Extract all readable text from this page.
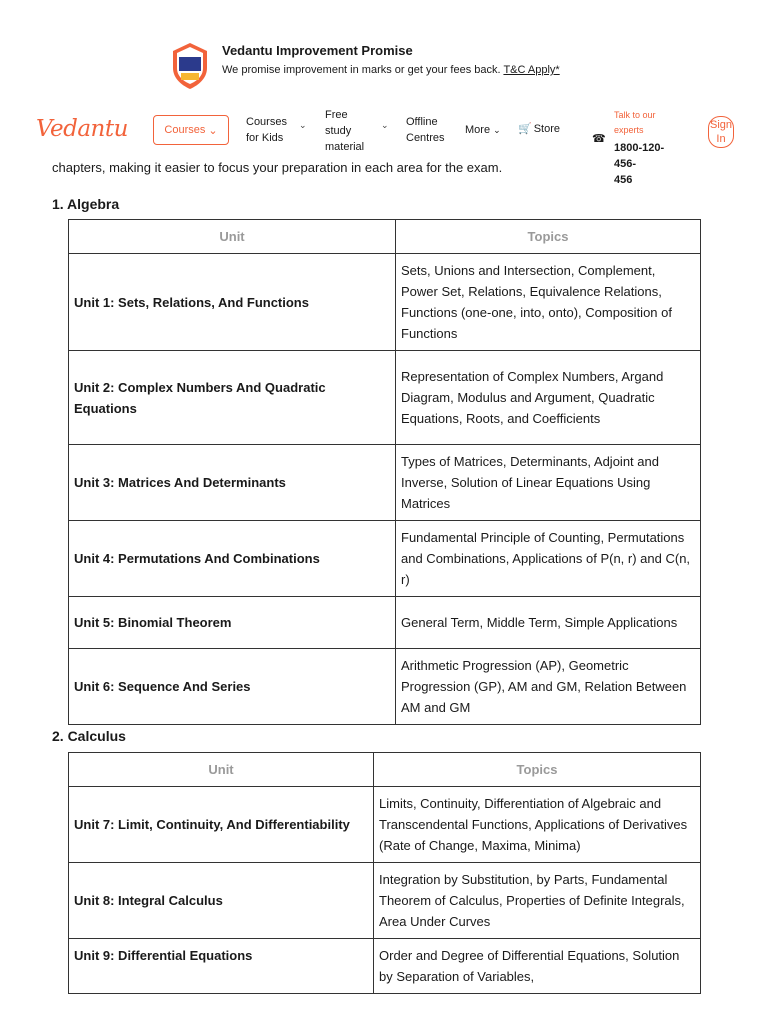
Vedantu Improvement Promise
We promise improvement in marks or get your fees back. T&C Apply*
Vedantu	Courses ⌄
Courses
for Kids
⌄
Free
study
material
⌄ Offline
Centres
More ⌄ 🛒 Store
☎
Talk to our
experts
1800-120-456-
456
Sign In
chapters, making it easier to focus your preparation in each area for the exam.
1. Algebra
Unit	Topics
Unit 1: Sets, Relations, And Functions	Sets, Unions and Intersection, Complement, Power Set, Relations, Equivalence Relations, Functions (one-one, into, onto), Composition of Functions
Unit 2: Complex Numbers And Quadratic Equations	Representation of Complex Numbers, Argand Diagram, Modulus and Argument, Quadratic Equations, Roots, and Coefficients
Unit 3: Matrices And Determinants	Types of Matrices, Determinants, Adjoint and Inverse, Solution of Linear Equations Using Matrices
Unit 4: Permutations And Combinations	Fundamental Principle of Counting, Permutations and Combinations, Applications of P(n, r) and C(n, r)
Unit 5: Binomial Theorem	General Term, Middle Term, Simple Applications
Unit 6: Sequence And Series	Arithmetic Progression (AP), Geometric Progression (GP), AM and GM, Relation Between AM and GM
2. Calculus
Unit	Topics
Unit 7: Limit, Continuity, And Differentiability	Limits, Continuity, Differentiation of Algebraic and Transcendental Functions, Applications of Derivatives (Rate of Change, Maxima, Minima)
Unit 8: Integral Calculus	Integration by Substitution, by Parts, Fundamental Theorem of Calculus, Properties of Definite Integrals, Area Under Curves
Unit 9: Differential Equations	Order and Degree of Differential Equations, Solution by Separation of Variables,
